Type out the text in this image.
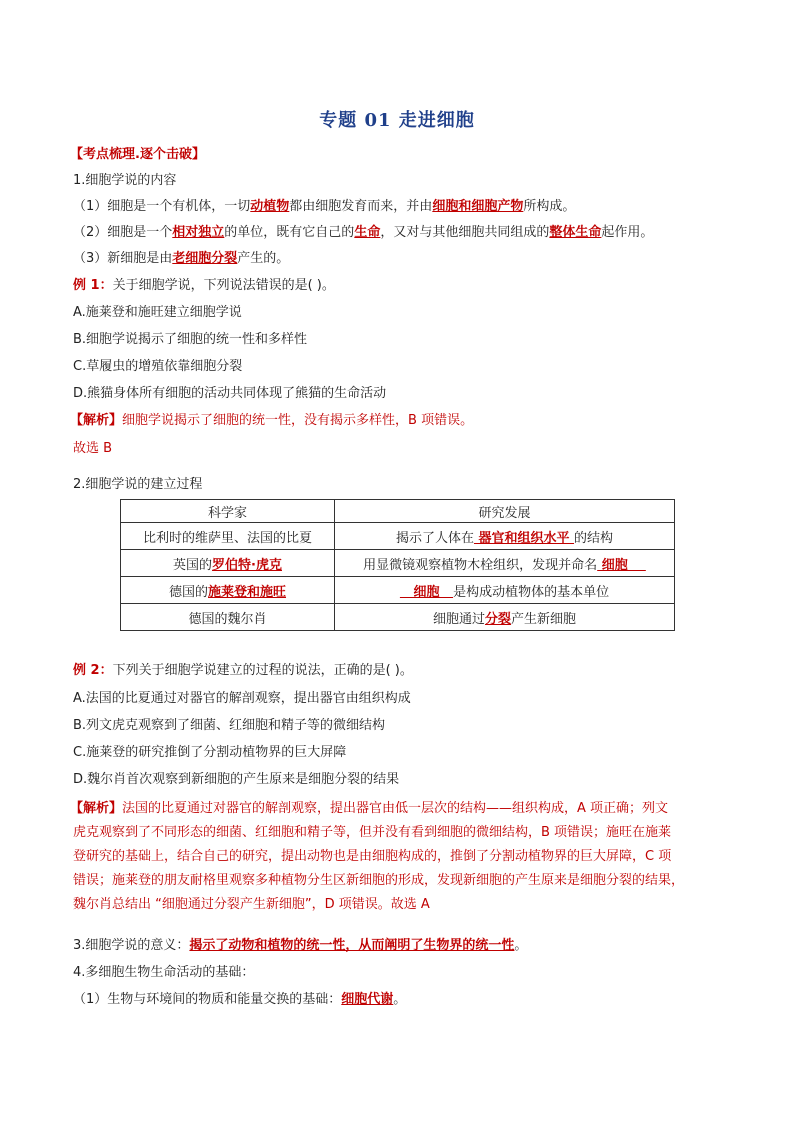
专题 01 走进细胞
【考点梳理.逐个击破】
1.细胞学说的内容
（1）细胞是一个有机体，一切动植物都由细胞发育而来，并由细胞和细胞产物所构成。
（2）细胞是一个相对独立的单位，既有它自己的生命，又对与其他细胞共同组成的整体生命起作用。
（3）新细胞是由老细胞分裂产生的。
例 1：关于细胞学说，下列说法错误的是( )。
A.施莱登和施旺建立细胞学说
B.细胞学说揭示了细胞的统一性和多样性
C.草履虫的增殖依靠细胞分裂
D.熊猫身体所有细胞的活动共同体现了熊猫的生命活动
【解析】细胞学说揭示了细胞的统一性，没有揭示多样性，B 项错误。
故选 B
2.细胞学说的建立过程
科学家	研究发展
比利时的维萨里、法国的比夏	揭示了人体在 器官和组织水平 的结构
英国的罗伯特·虎克	用显微镜观察植物木栓组织，发现并命名 细胞
德国的施莱登和施旺	细胞   是构成动植物体的基本单位
德国的魏尔肖	细胞通过分裂产生新细胞
例 2：下列关于细胞学说建立的过程的说法，正确的是( )。
A.法国的比夏通过对器官的解剖观察，提出器官由组织构成
B.列文虎克观察到了细菌、红细胞和精子等的微细结构
C.施莱登的研究推倒了分割动植物界的巨大屏障
D.魏尔肖首次观察到新细胞的产生原来是细胞分裂的结果
【解析】法国的比夏通过对器官的解剖观察，提出器官由低一层次的结构——组织构成，A 项正确；列文
虎克观察到了不同形态的细菌、红细胞和精子等，但并没有看到细胞的微细结构，B 项错误；施旺在施莱
登研究的基础上，结合自己的研究，提出动物也是由细胞构成的，推倒了分割动植物界的巨大屏障，C 项
错误；施莱登的朋友耐格里观察多种植物分生区新细胞的形成，发现新细胞的产生原来是细胞分裂的结果，
魏尔肖总结出 “细胞通过分裂产生新细胞”，D 项错误。故选 A
3.细胞学说的意义：揭示了动物和植物的统一性，从而阐明了生物界的统一性。
4.多细胞生物生命活动的基础：
（1）生物与环境间的物质和能量交换的基础：细胞代谢。
